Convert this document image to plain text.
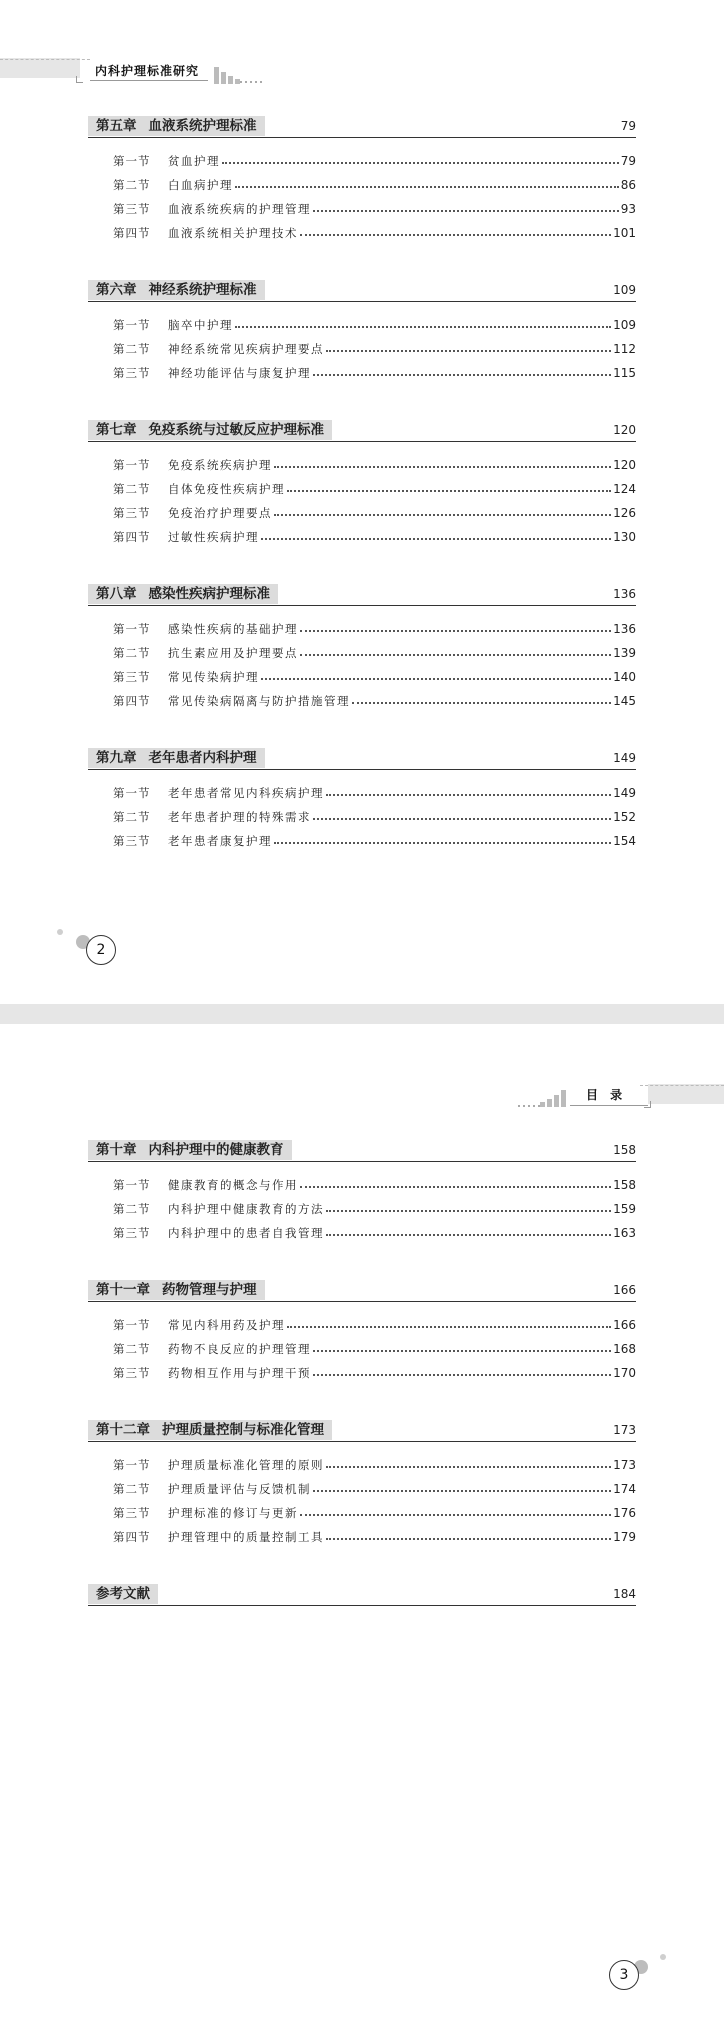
内科护理标准研究
第五章 血液系统护理标准	79
第一节	贫血护理	79
第二节	白血病护理	86
第三节	血液系统疾病的护理管理	93
第四节	血液系统相关护理技术	101
第六章 神经系统护理标准	109
第一节	脑卒中护理	109
第二节	神经系统常见疾病护理要点	112
第三节	神经功能评估与康复护理	115
第七章 免疫系统与过敏反应护理标准	120
第一节	免疫系统疾病护理	120
第二节	自体免疫性疾病护理	124
第三节	免疫治疗护理要点	126
第四节	过敏性疾病护理	130
第八章 感染性疾病护理标准	136
第一节	感染性疾病的基础护理	136
第二节	抗生素应用及护理要点	139
第三节	常见传染病护理	140
第四节	常见传染病隔离与防护措施管理	145
第九章 老年患者内科护理	149
第一节	老年患者常见内科疾病护理	149
第二节	老年患者护理的特殊需求	152
第三节	老年患者康复护理	154
2
目 录
第十章 内科护理中的健康教育	158
第一节	健康教育的概念与作用	158
第二节	内科护理中健康教育的方法	159
第三节	内科护理中的患者自我管理	163
第十一章 药物管理与护理	166
第一节	常见内科用药及护理	166
第二节	药物不良反应的护理管理	168
第三节	药物相互作用与护理干预	170
第十二章 护理质量控制与标准化管理	173
第一节	护理质量标准化管理的原则	173
第二节	护理质量评估与反馈机制	174
第三节	护理标准的修订与更新	176
第四节	护理管理中的质量控制工具	179
参考文献	184
3
